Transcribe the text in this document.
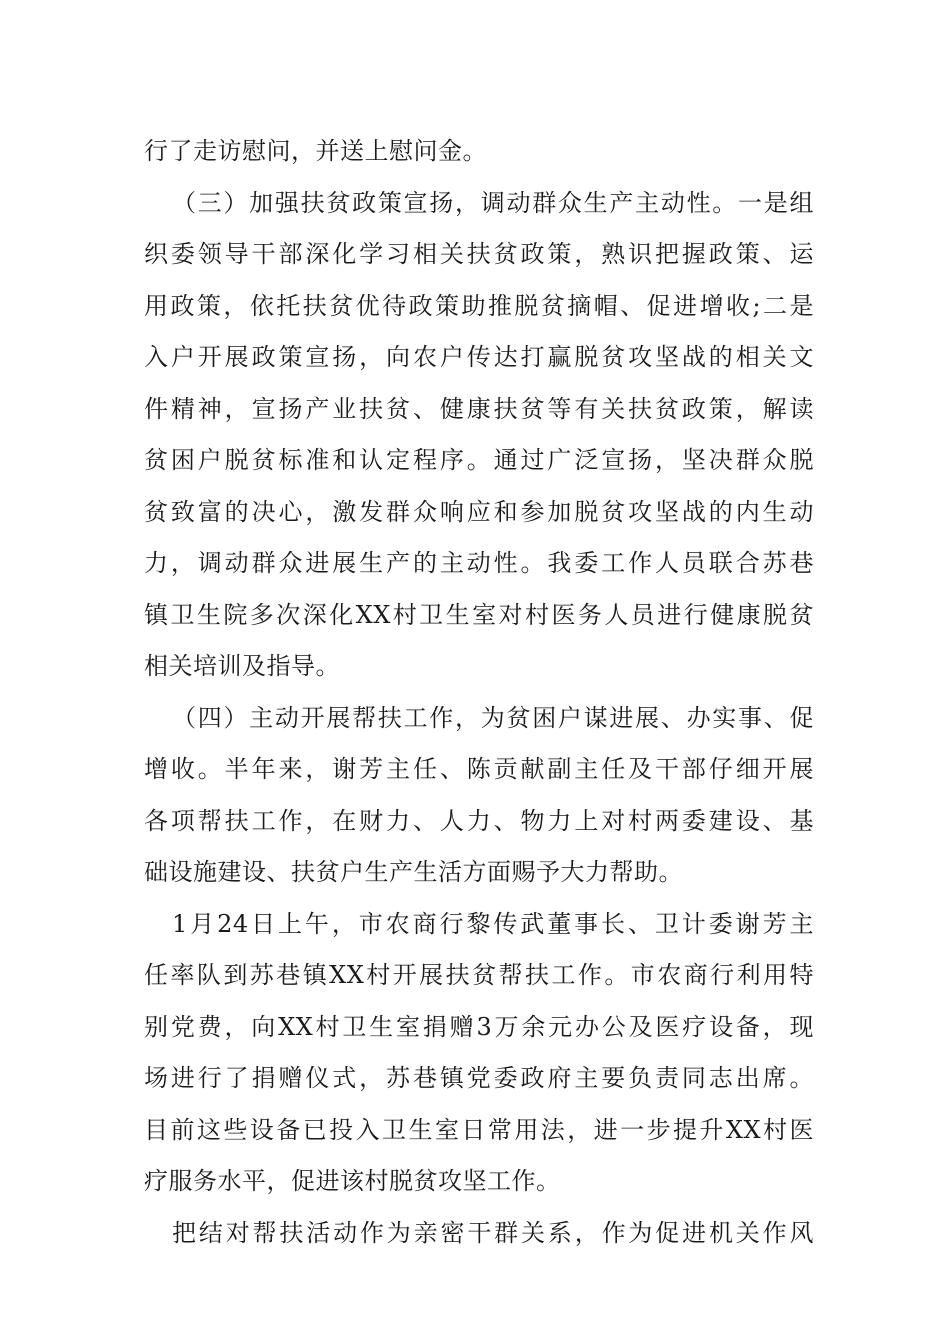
行了走访慰问，并送上慰问金。
（三）加强扶贫政策宣扬，调动群众生产主动性。一是组
织委领导干部深化学习相关扶贫政策，熟识把握政策、运
用政策，依托扶贫优待政策助推脱贫摘帽、促进增收;二是
入户开展政策宣扬，向农户传达打赢脱贫攻坚战的相关文
件精神，宣扬产业扶贫、健康扶贫等有关扶贫政策，解读
贫困户脱贫标准和认定程序。通过广泛宣扬，坚决群众脱
贫致富的决心，激发群众响应和参加脱贫攻坚战的内生动
力，调动群众进展生产的主动性。我委工作人员联合苏巷
镇卫生院多次深化XX村卫生室对村医务人员进行健康脱贫
相关培训及指导。
（四）主动开展帮扶工作，为贫困户谋进展、办实事、促
增收。半年来，谢芳主任、陈贡献副主任及干部仔细开展
各项帮扶工作，在财力、人力、物力上对村两委建设、基
础设施建设、扶贫户生产生活方面赐予大力帮助。
1月24日上午，市农商行黎传武董事长、卫计委谢芳主
任率队到苏巷镇XX村开展扶贫帮扶工作。市农商行利用特
别党费，向XX村卫生室捐赠3万余元办公及医疗设备，现
场进行了捐赠仪式，苏巷镇党委政府主要负责同志出席。
目前这些设备已投入卫生室日常用法，进一步提升XX村医
疗服务水平，促进该村脱贫攻坚工作。
把结对帮扶活动作为亲密干群关系，作为促进机关作风
